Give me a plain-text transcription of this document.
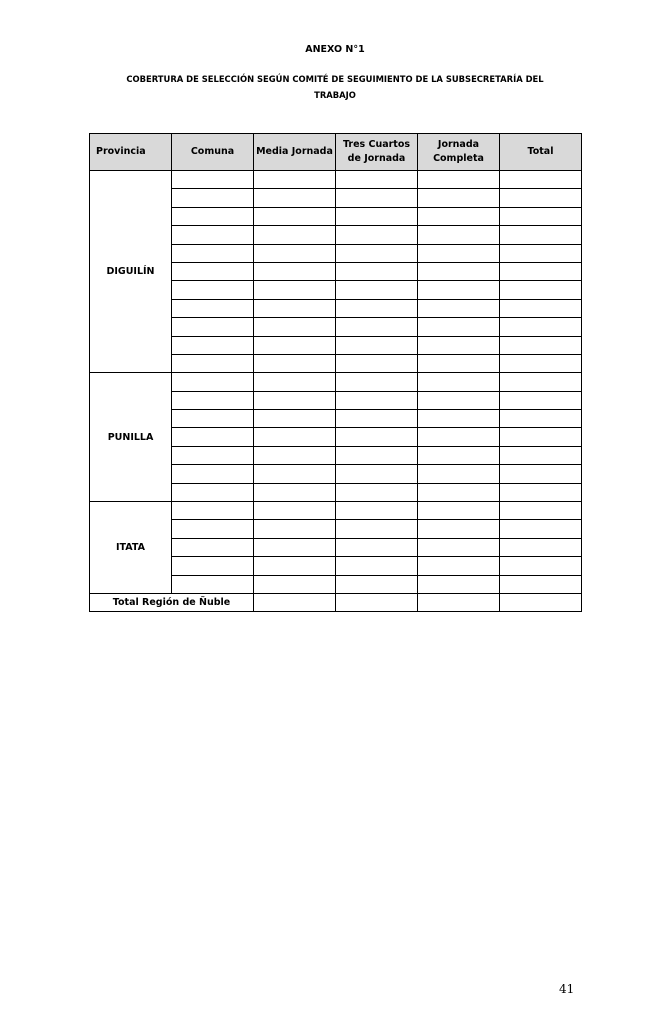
ANEXO N°1
COBERTURA DE SELECCIÓN SEGÚN COMITÉ DE SEGUIMIENTO DE LA SUBSECRETARÍA DEL TRABAJO
Provincia	Comuna	Media Jornada	Tres Cuartos de Jornada	Jornada Completa	Total
DIGUILÍN					

PUNILLA					

ITATA					

Total Región de Ñuble					
41
